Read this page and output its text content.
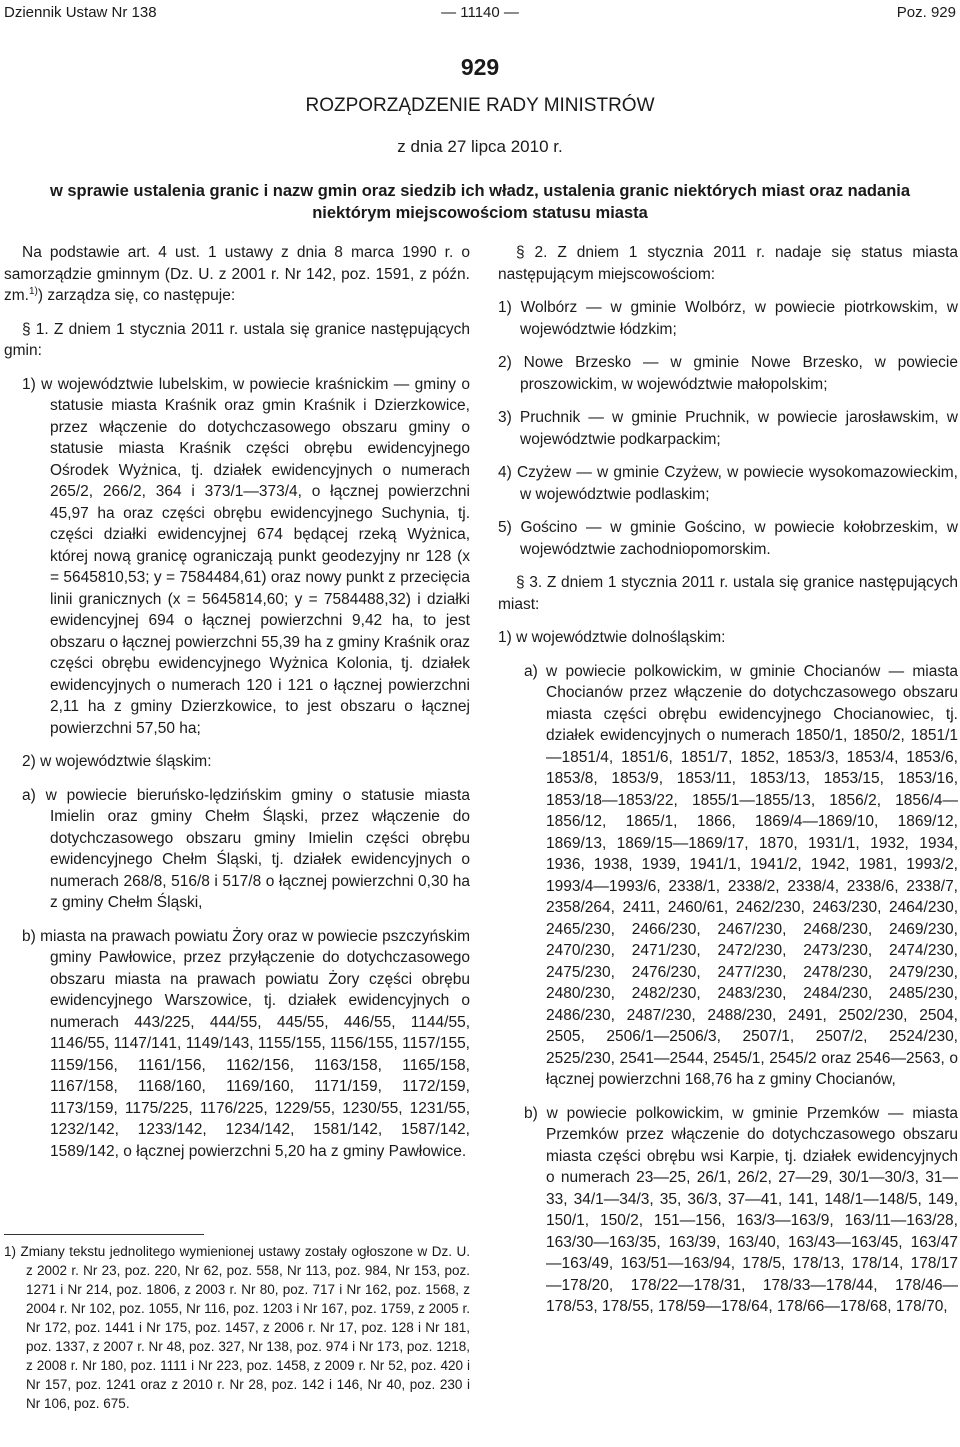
Dziennik Ustaw Nr 138	— 11140 —	Poz. 929
929
ROZPORZĄDZENIE RADY MINISTRÓW
z dnia 27 lipca 2010 r.
w sprawie ustalenia granic i nazw gmin oraz siedzib ich władz, ustalenia granic niektórych miast oraz nadania niektórym miejscowościom statusu miasta

Na podstawie art. 4 ust. 1 ustawy z dnia 8 marca 1990 r. o samorządzie gminnym (Dz. U. z 2001 r. Nr 142, poz. 1591, z późn. zm.$^{1)}$) zarządza się, co następuje:

§ 1. Z dniem 1 stycznia 2011 r. ustala się granice następujących gmin:

1) w województwie lubelskim, w powiecie kraśnickim — gminy o statusie miasta Kraśnik oraz gmin Kraśnik i Dzierzkowice, przez włączenie do dotychczasowego obszaru gminy o statusie miasta Kraśnik części obrębu ewidencyjnego Ośrodek Wyżnica, tj. działek ewidencyjnych o numerach 265/2, 266/2, 364 i 373/1—373/4, o łącznej powierzchni 45,97 ha oraz części obrębu ewidencyjnego Suchynia, tj. części działki ewidencyjnej 674 będącej rzeką Wyżnica, której nową granicę ograniczają punkt geodezyjny nr 128 (x = 5645810,53; y = 7584484,61) oraz nowy punkt z przecięcia linii granicznych (x = 5645814,60; y = 7584488,32) i działki ewidencyjnej 694 o łącznej powierzchni 9,42 ha, to jest obszaru o łącznej powierzchni 55,39 ha z gminy Kraśnik oraz części obrębu ewidencyjnego Wyżnica Kolonia, tj. działek ewidencyjnych o numerach 120 i 121 o łącznej powierzchni 2,11 ha z gminy Dzierzkowice, to jest obszaru o łącznej powierzchni 57,50 ha;

2) w województwie śląskim:

a) w powiecie bieruńsko-lędzińskim gminy o statusie miasta Imielin oraz gminy Chełm Śląski, przez włączenie do dotychczasowego obszaru gminy Imielin części obrębu ewidencyjnego Chełm Śląski, tj. działek ewidencyjnych o numerach 268/8, 516/8 i 517/8 o łącznej powierzchni 0,30 ha z gminy Chełm Śląski,

b) miasta na prawach powiatu Żory oraz w powiecie pszczyńskim gminy Pawłowice, przez przyłączenie do dotychczasowego obszaru miasta na prawach powiatu Żory części obrębu ewidencyjnego Warszowice, tj. działek ewidencyjnych o numerach 443/225, 444/55, 445/55, 446/55, 1144/55, 1146/55, 1147/141, 1149/143, 1155/155, 1156/155, 1157/155, 1159/156, 1161/156, 1162/156, 1163/158, 1165/158, 1167/158, 1168/160, 1169/160, 1171/159, 1172/159, 1173/159, 1175/225, 1176/225, 1229/55, 1230/55, 1231/55, 1232/142, 1233/142, 1234/142, 1581/142, 1587/142, 1589/142, o łącznej powierzchni 5,20 ha z gminy Pawłowice.

1) Zmiany tekstu jednolitego wymienionej ustawy zostały ogłoszone w Dz. U. z 2002 r. Nr 23, poz. 220, Nr 62, poz. 558, Nr 113, poz. 984, Nr 153, poz. 1271 i Nr 214, poz. 1806, z 2003 r. Nr 80, poz. 717 i Nr 162, poz. 1568, z 2004 r. Nr 102, poz. 1055, Nr 116, poz. 1203 i Nr 167, poz. 1759, z 2005 r. Nr 172, poz. 1441 i Nr 175, poz. 1457, z 2006 r. Nr 17, poz. 128 i Nr 181, poz. 1337, z 2007 r. Nr 48, poz. 327, Nr 138, poz. 974 i Nr 173, poz. 1218, z 2008 r. Nr 180, poz. 1111 i Nr 223, poz. 1458, z 2009 r. Nr 52, poz. 420 i Nr 157, poz. 1241 oraz z 2010 r. Nr 28, poz. 142 i 146, Nr 40, poz. 230 i Nr 106, poz. 675.

§ 2. Z dniem 1 stycznia 2011 r. nadaje się status miasta następującym miejscowościom:

1) Wolbórz — w gminie Wolbórz, w powiecie piotrkowskim, w województwie łódzkim;

2) Nowe Brzesko — w gminie Nowe Brzesko, w powiecie proszowickim, w województwie małopolskim;

3) Pruchnik — w gminie Pruchnik, w powiecie jarosławskim, w województwie podkarpackim;

4) Czyżew — w gminie Czyżew, w powiecie wysokomazowieckim, w województwie podlaskim;

5) Gościno — w gminie Gościno, w powiecie kołobrzeskim, w województwie zachodniopomorskim.

§ 3. Z dniem 1 stycznia 2011 r. ustala się granice następujących miast:

1) w województwie dolnośląskim:

a) w powiecie polkowickim, w gminie Chocianów — miasta Chocianów przez włączenie do dotychczasowego obszaru miasta części obrębu ewidencyjnego Chocianowiec, tj. działek ewidencyjnych o numerach 1850/1, 1850/2, 1851/1—1851/4, 1851/6, 1851/7, 1852, 1853/3, 1853/4, 1853/6, 1853/8, 1853/9, 1853/11, 1853/13, 1853/15, 1853/16, 1853/18—1853/22, 1855/1—1855/13, 1856/2, 1856/4—1856/12, 1865/1, 1866, 1869/4—1869/10, 1869/12, 1869/13, 1869/15—1869/17, 1870, 1931/1, 1932, 1934, 1936, 1938, 1939, 1941/1, 1941/2, 1942, 1981, 1993/2, 1993/4—1993/6, 2338/1, 2338/2, 2338/4, 2338/6, 2338/7, 2358/264, 2411, 2460/61, 2462/230, 2463/230, 2464/230, 2465/230, 2466/230, 2467/230, 2468/230, 2469/230, 2470/230, 2471/230, 2472/230, 2473/230, 2474/230, 2475/230, 2476/230, 2477/230, 2478/230, 2479/230, 2480/230, 2482/230, 2483/230, 2484/230, 2485/230, 2486/230, 2487/230, 2488/230, 2491, 2502/230, 2504, 2505, 2506/1—2506/3, 2507/1, 2507/2, 2524/230, 2525/230, 2541—2544, 2545/1, 2545/2 oraz 2546—2563, o łącznej powierzchni 168,76 ha z gminy Chocianów,

b) w powiecie polkowickim, w gminie Przemków — miasta Przemków przez włączenie do dotychczasowego obszaru miasta części obrębu wsi Karpie, tj. działek ewidencyjnych o numerach 23—25, 26/1, 26/2, 27—29, 30/1—30/3, 31—33, 34/1—34/3, 35, 36/3, 37—41, 141, 148/1—148/5, 149, 150/1, 150/2, 151—156, 163/3—163/9, 163/11—163/28, 163/30—163/35, 163/39, 163/40, 163/43—163/45, 163/47—163/49, 163/51—163/94, 178/5, 178/13, 178/14, 178/17—178/20, 178/22—178/31, 178/33—178/44, 178/46—178/53, 178/55, 178/59—178/64, 178/66—178/68, 178/70,
